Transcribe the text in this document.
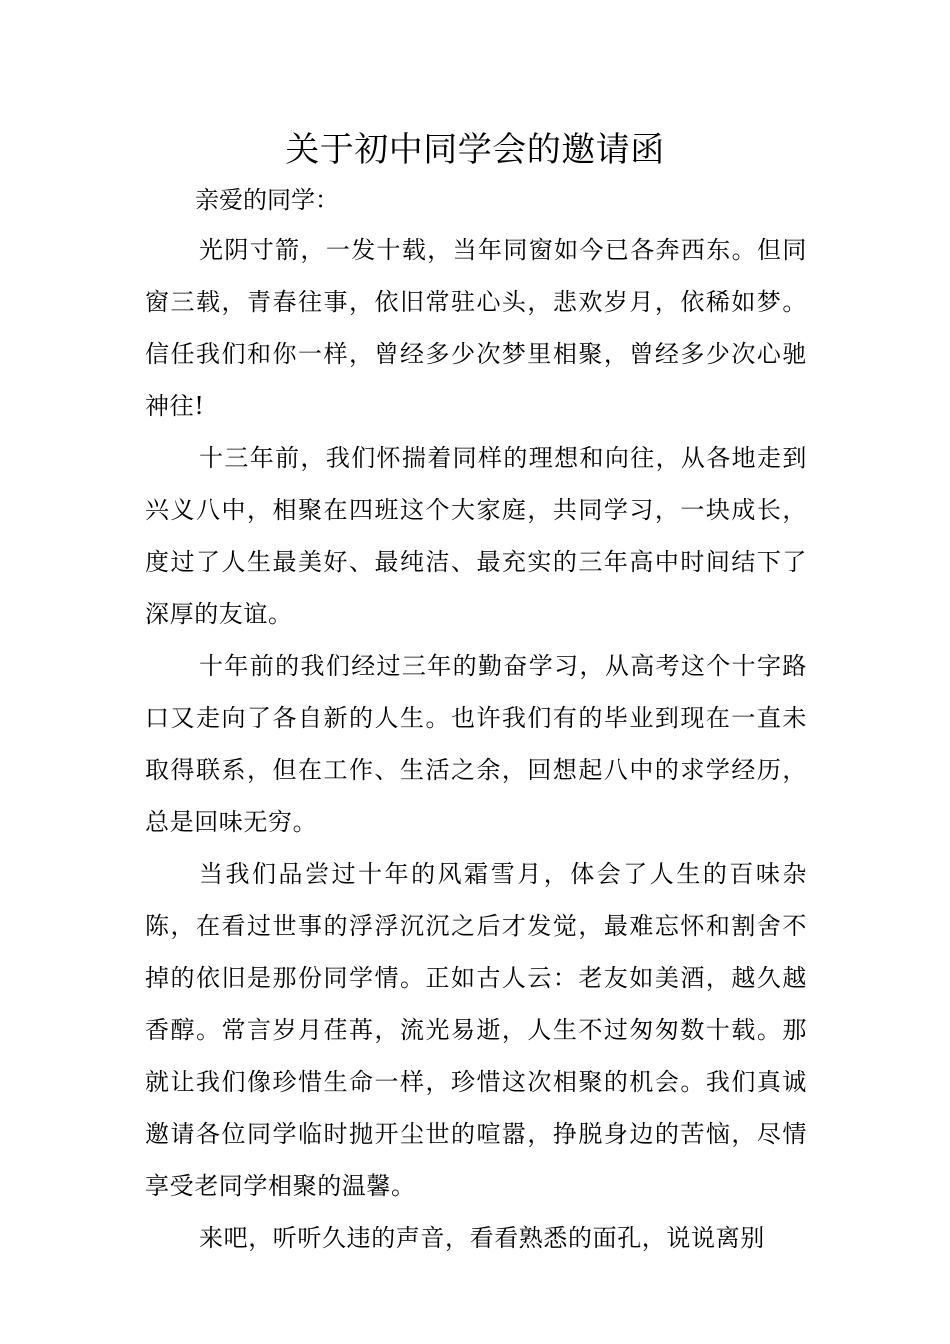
关于初中同学会的邀请函

亲爱的同学：

光阴寸箭，一发十载，当年同窗如今已各奔西东。但同窗三载，青春往事，依旧常驻心头，悲欢岁月，依稀如梦。信任我们和你一样，曾经多少次梦里相聚，曾经多少次心驰神往!

十三年前，我们怀揣着同样的理想和向往，从各地走到兴义八中，相聚在四班这个大家庭，共同学习，一块成长，度过了人生最美好、最纯洁、最充实的三年高中时间结下了深厚的友谊。

十年前的我们经过三年的勤奋学习，从高考这个十字路口又走向了各自新的人生。也许我们有的毕业到现在一直未取得联系，但在工作、生活之余，回想起八中的求学经历，总是回味无穷。

当我们品尝过十年的风霜雪月，体会了人生的百味杂陈，在看过世事的浮浮沉沉之后才发觉，最难忘怀和割舍不掉的依旧是那份同学情。正如古人云：老友如美酒，越久越香醇。常言岁月荏苒，流光易逝，人生不过匆匆数十载。那就让我们像珍惜生命一样，珍惜这次相聚的机会。我们真诚邀请各位同学临时抛开尘世的喧嚣，挣脱身边的苦恼，尽情享受老同学相聚的温馨。

来吧，听听久违的声音，看看熟悉的面孔，说说离别
